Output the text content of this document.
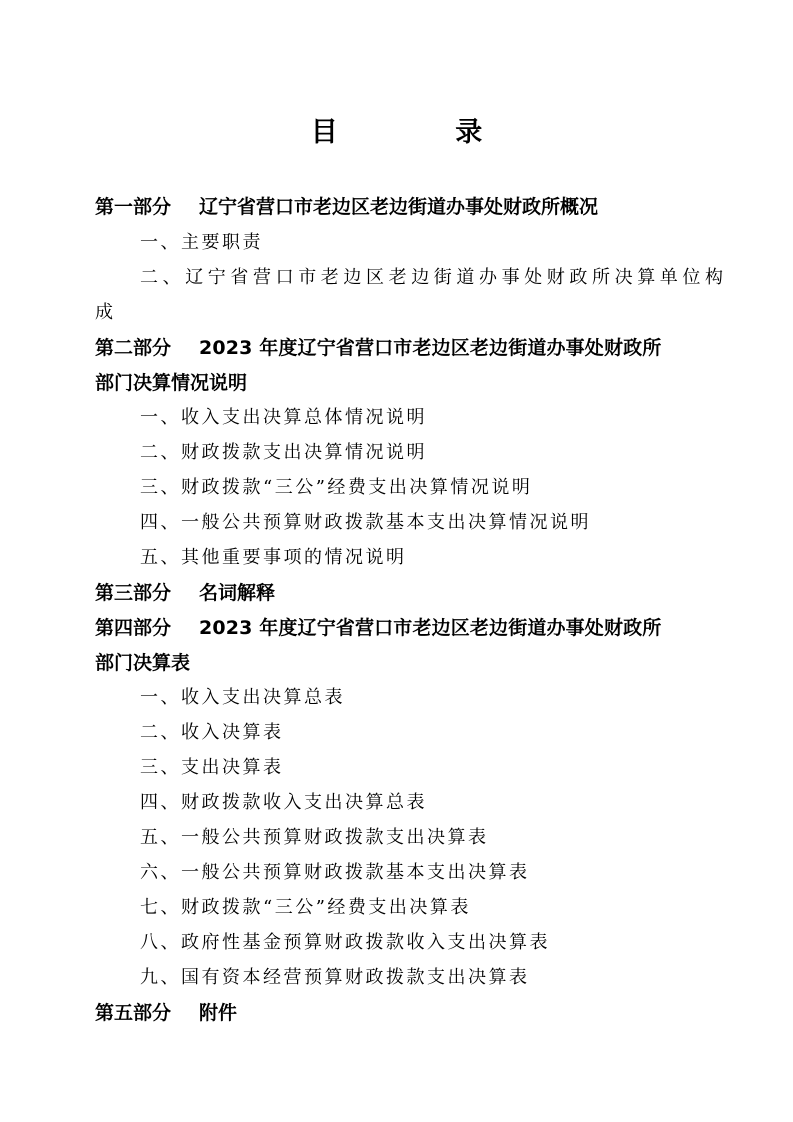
目 录
第一部分 辽宁省营口市老边区老边街道办事处财政所概况
一、主要职责
二、辽宁省营口市老边区老边街道办事处财政所决算单位构
成
第二部分 2023 年度辽宁省营口市老边区老边街道办事处财政所
部门决算情况说明
一、收入支出决算总体情况说明
二、财政拨款支出决算情况说明
三、财政拨款“三公”经费支出决算情况说明
四、一般公共预算财政拨款基本支出决算情况说明
五、其他重要事项的情况说明
第三部分 名词解释
第四部分 2023 年度辽宁省营口市老边区老边街道办事处财政所
部门决算表
一、收入支出决算总表
二、收入决算表
三、支出决算表
四、财政拨款收入支出决算总表
五、一般公共预算财政拨款支出决算表
六、一般公共预算财政拨款基本支出决算表
七、财政拨款“三公”经费支出决算表
八、政府性基金预算财政拨款收入支出决算表
九、国有资本经营预算财政拨款支出决算表
第五部分 附件
